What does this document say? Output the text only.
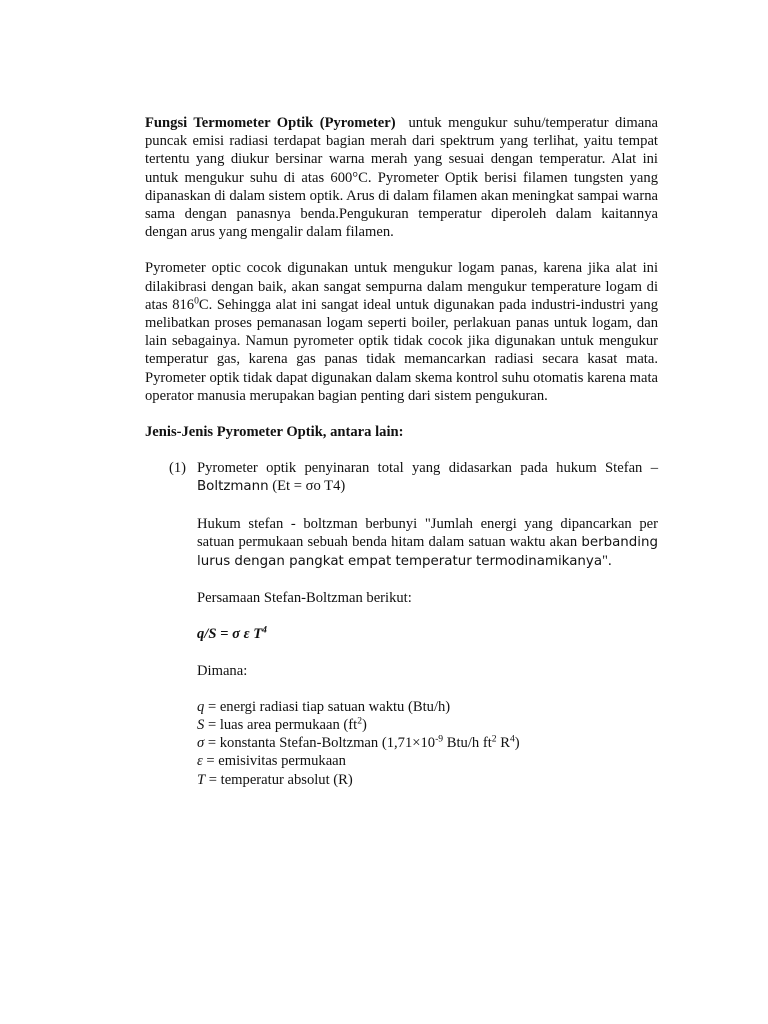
Fungsi Termometer Optik (Pyrometer)  untuk mengukur suhu/temperatur dimana puncak emisi radiasi terdapat bagian merah dari spektrum yang terlihat, yaitu tempat tertentu yang diukur bersinar warna merah yang sesuai dengan temperatur. Alat ini untuk mengukur suhu di atas 600°C. Pyrometer Optik berisi filamen tungsten yang dipanaskan di dalam sistem optik. Arus di dalam filamen akan meningkat sampai warna sama dengan panasnya benda.Pengukuran temperatur diperoleh dalam kaitannya dengan arus yang mengalir dalam filamen.

Pyrometer optic cocok digunakan untuk mengukur logam panas, karena jika alat ini dilakibrasi dengan baik, akan sangat sempurna dalam mengukur temperature logam di atas $816^0C$. Sehingga alat ini sangat ideal untuk digunakan pada industri-industri yang melibatkan proses pemanasan logam seperti boiler, perlakuan panas untuk logam, dan lain sebagainya. Namun pyrometer optik tidak cocok jika digunakan untuk mengukur temperatur gas, karena gas panas tidak memancarkan radiasi secara kasat mata. Pyrometer optik tidak dapat digunakan dalam skema kontrol suhu otomatis karena mata operator manusia merupakan bagian penting dari sistem pengukuran.

Jenis-Jenis Pyrometer Optik, antara lain:

(1) Pyrometer optik penyinaran total yang didasarkan pada hukum Stefan – Boltzmann (Et = σo T4)

Hukum stefan - boltzman berbunyi "Jumlah energi yang dipancarkan per satuan permukaan sebuah benda hitam dalam satuan waktu akan berbanding lurus dengan pangkat empat temperatur termodinamikanya".

Persamaan Stefan-Boltzman berikut:

q/S = σ ε $T^4$

Dimana:

q = energi radiasi tiap satuan waktu (Btu/h)
S = luas area permukaan $(ft^2)$
σ = konstanta Stefan-Boltzman ($1,71\times 10^{-9}$ Btu/h $ft^2$ $R^4$)
ε = emisivitas permukaan
T = temperatur absolut (R)
